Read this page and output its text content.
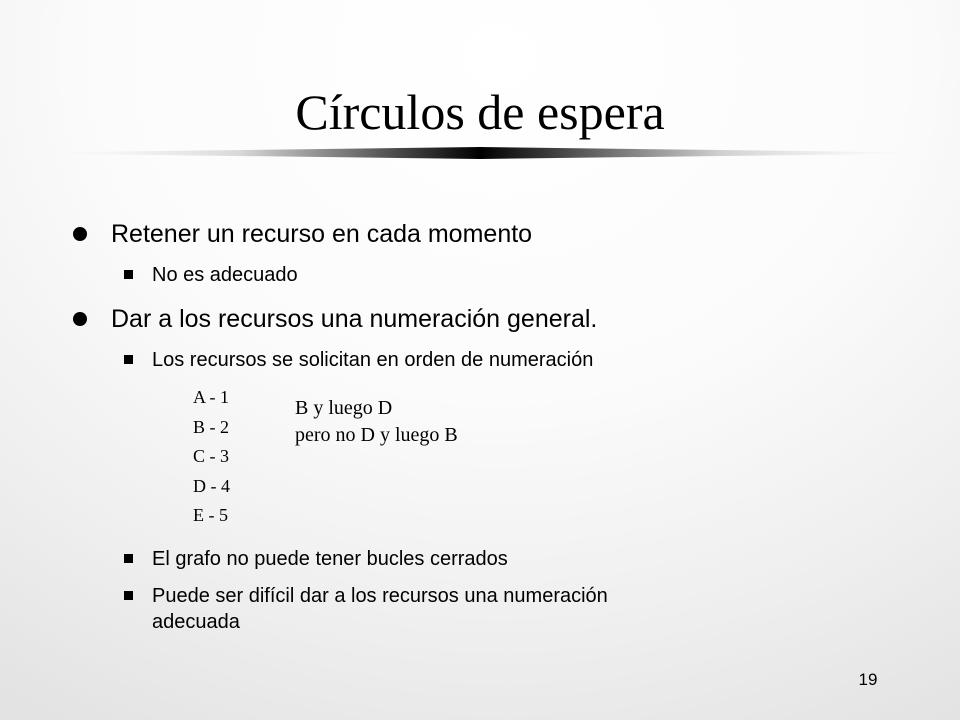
Círculos de espera
Retener un recurso en cada momento
No es adecuado
Dar a los recursos una numeración general.
Los recursos se solicitan en orden de numeración
A - 1
B - 2
C - 3
D - 4
E - 5
B y luego D
pero no D y luego B
El grafo no puede tener bucles cerrados
Puede ser difícil dar a los recursos una numeración
adecuada
19
